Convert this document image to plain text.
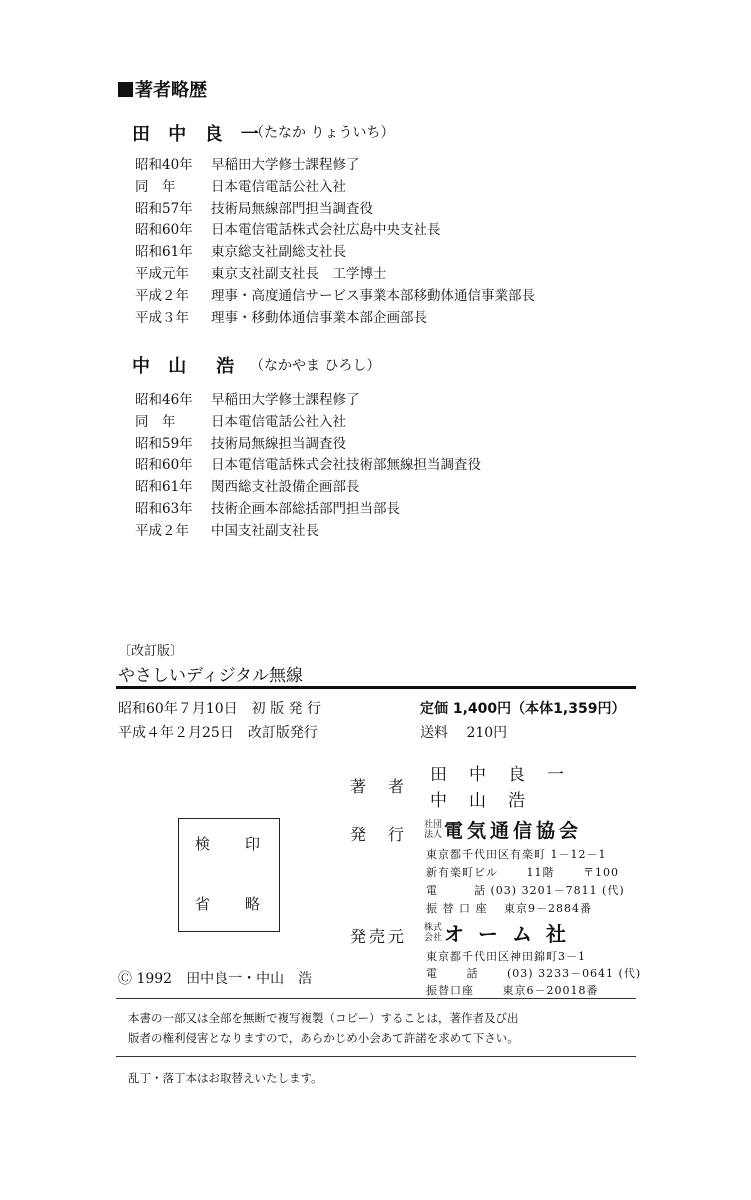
著者略歴
田 中 良 一
（たなか りょういち）
昭和40年 早稲田大学修士課程修了
同　年	日本電信電話公社入社
昭和57年 技術局無線部門担当調査役
昭和60年 日本電信電話株式会社広島中央支社長
昭和61年 東京総支社副総支社長
平成元年 東京支社副支社長　工学博士
平成２年 理事・高度通信サービス事業本部移動体通信事業部長
平成３年 理事・移動体通信事業本部企画部長
中 山　浩 （なかやま ひろし）
昭和46年 早稲田大学修士課程修了
同　年	日本電信電話公社入社
昭和59年 技術局無線担当調査役
昭和60年 日本電信電話株式会社技術部無線担当調査役
昭和61年 関西総支社設備企画部長
昭和63年 技術企画本部総括部門担当部長
平成２年 中国支社副支社長
〔改訂版〕
やさしいディジタル無線
昭和60年７月10日　初 版 発 行
平成４年２月25日　改訂版発行
定価 1,400円（本体1,359円）
送料　 210円
著　者
田中良一
中山浩
検 印
省 略
発　行
社団
法人 電気通信協会
東京都千代田区有楽町 1－12－1
新有楽町ビル　　 11階　　 〒100
電　　　話 (03) 3201－7811 (代)
振 替 口 座　 東京9－2884番
発売元 株式
会社 オーム社
東京都千代田区神田錦町3－1
電　　 話　　 (03) 3233－0641 (代)
振替口座　　 東京6－20018番
Ⓒ 1992　田中良一・中山　浩
本書の一部又は全部を無断で複写複製（コピー）することは，著作者及び出
版者の権利侵害となりますので，あらかじめ小会あて許諾を求めて下さい。
乱丁・落丁本はお取替えいたします。
